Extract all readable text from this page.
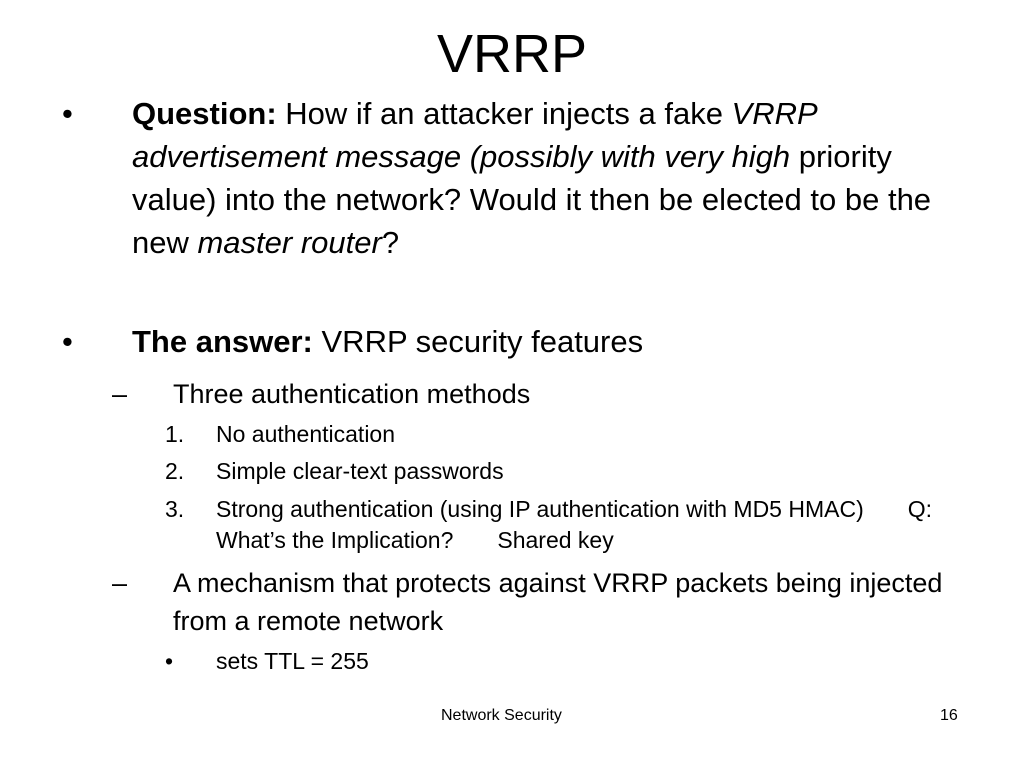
VRRP
• Question: How if an attacker injects a fake VRRP advertisement message (possibly with very high priority value) into the network? Would it then be elected to be the new master router?
• The answer: VRRP security features
– Three authentication methods
1. No authentication
2. Simple clear-text passwords
3. Strong authentication (using IP authentication with MD5 HMAC) Q: What’s the Implication? Shared key
– A mechanism that protects against VRRP packets being injected from a remote network
• sets TTL = 255
Network Security	16
